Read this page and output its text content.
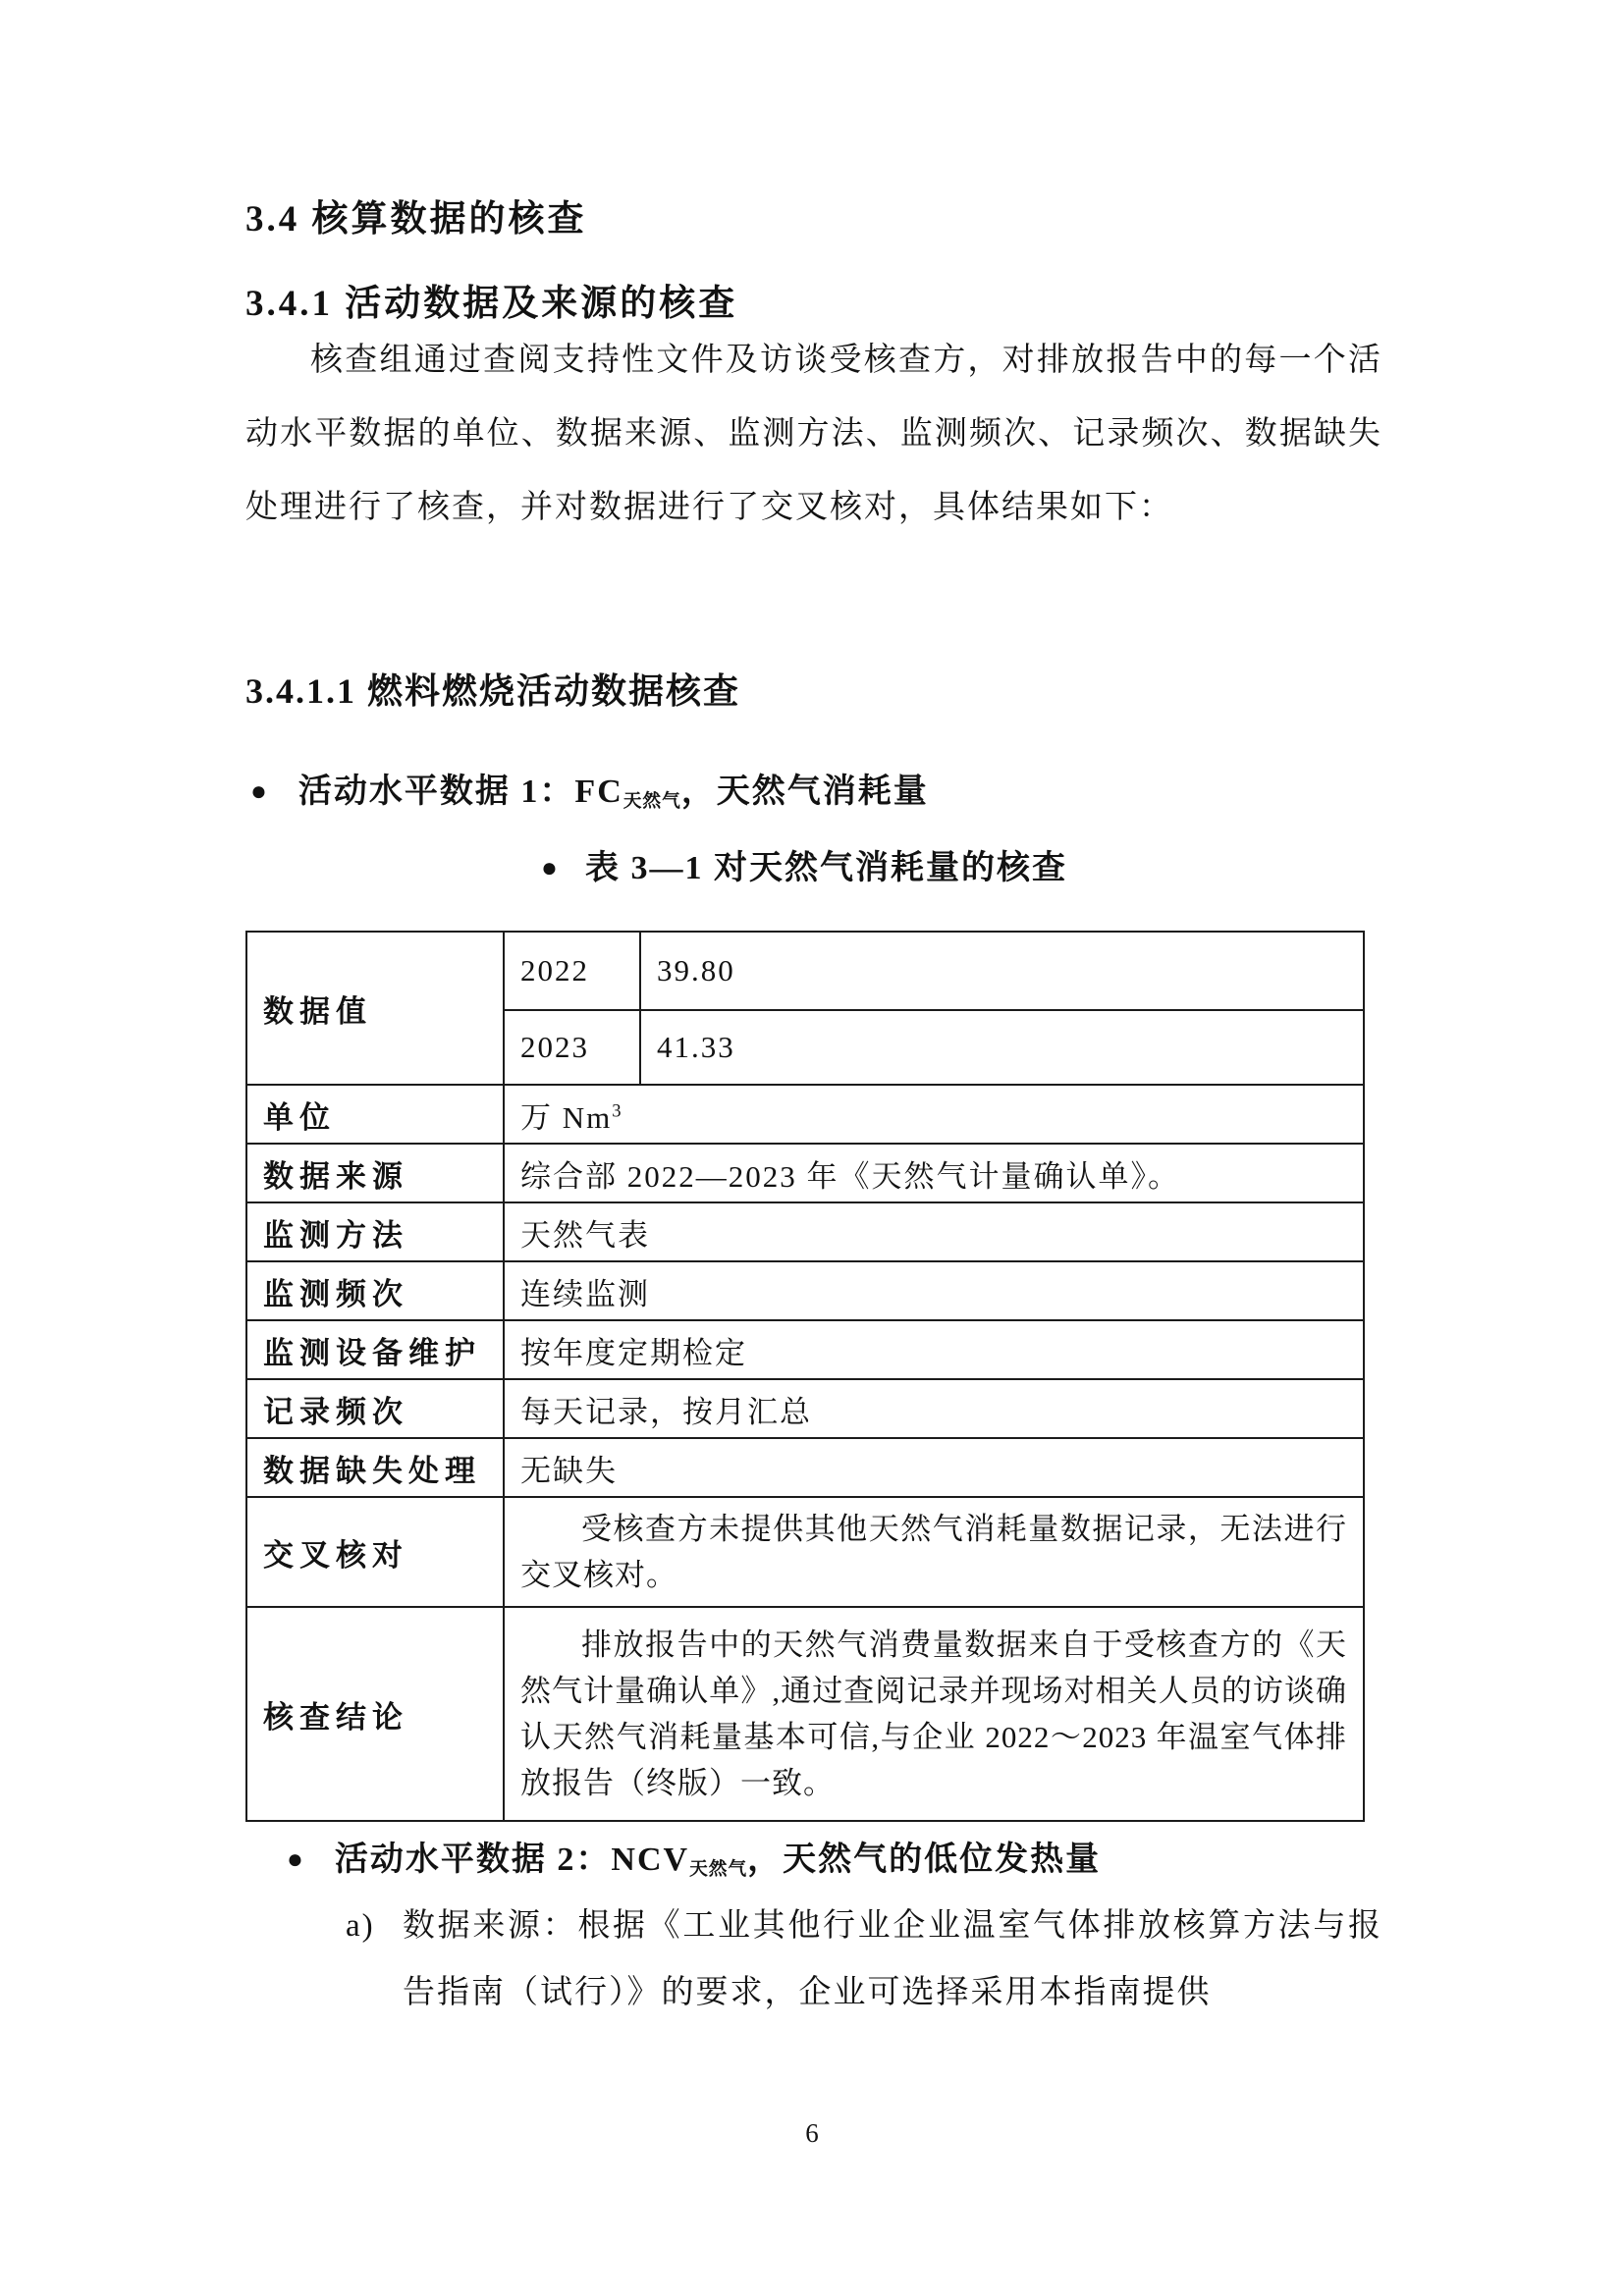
3.4 核算数据的核查
3.4.1 活动数据及来源的核查
核查组通过查阅支持性文件及访谈受核查方，对排放报告中的每一个活动水平数据的单位、数据来源、监测方法、监测频次、记录频次、数据缺失处理进行了核查，并对数据进行了交叉核对，具体结果如下：
3.4.1.1 燃料燃烧活动数据核查
● 活动水平数据 1：FC天然气，天然气消耗量
● 表 3—1 对天然气消耗量的核查
数据值	2022	39.80
	2023	41.33
单位	万 Nm$^3$
数据来源	综合部 2022—2023 年《天然气计量确认单》。	
监测方法	天然气表	
监测频次	连续监测	
监测设备维护	按年度定期检定	
记录频次	每天记录，按月汇总	
数据缺失处理	无缺失	
交叉核对	受核查方未提供其他天然气消耗量数据记录，无法进行交叉核对。	
核查结论	排放报告中的天然气消费量数据来自于受核查方的《天然气计量确认单》,通过查阅记录并现场对相关人员的访谈确认天然气消耗量基本可信,与企业 2022～2023 年温室气体排放报告（终版）一致。	
● 活动水平数据 2：NCV天然气，天然气的低位发热量
a) 数据来源：根据《工业其他行业企业温室气体排放核算方法与报告指南（试行）》的要求，企业可选择采用本指南提供
6
